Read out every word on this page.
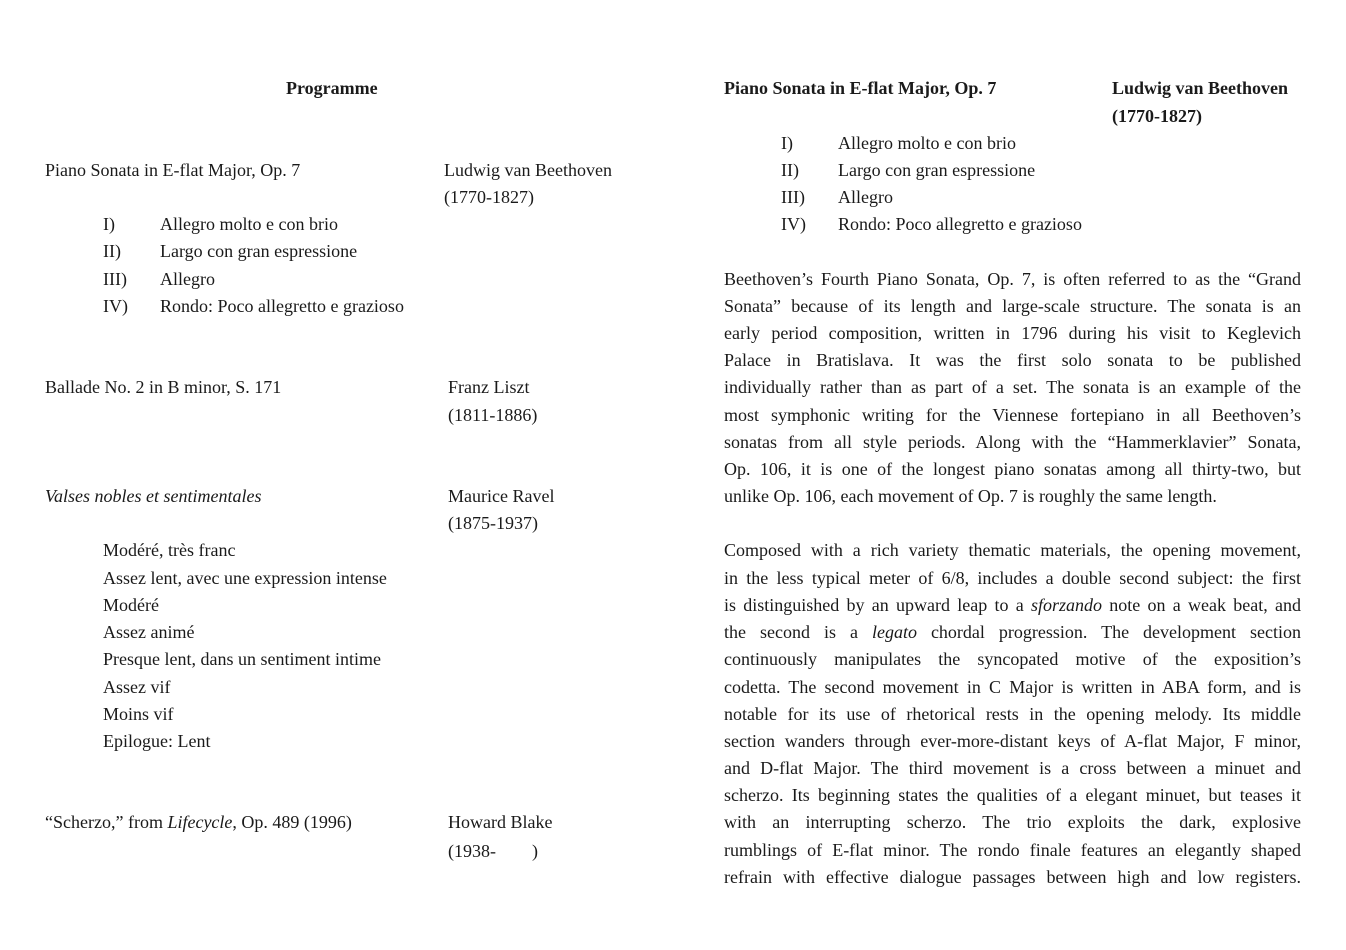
Programme
Piano Sonata in E-flat Major, Op. 7	Ludwig van Beethoven
(1770-1827)
I)	Allegro molto e con brio
II) Largo con gran espressione
III) Allegro
IV) Rondo: Poco allegretto e grazioso
Ballade No. 2 in B minor, S. 171	Franz Liszt
(1811-1886)
Valses nobles et sentimentales	Maurice Ravel
(1875-1937)
Modéré, très franc
Assez lent, avec une expression intense
Modéré
Assez animé
Presque lent, dans un sentiment intime
Assez vif
Moins vif
Epilogue: Lent
“Scherzo,” from Lifecycle, Op. 489 (1996)	Howard Blake
(1938-        )
Piano Sonata in E-flat Major, Op. 7	Ludwig van Beethoven
(1770-1827)
I)	Allegro molto e con brio
II) Largo con gran espressione
III) Allegro
IV) Rondo: Poco allegretto e grazioso
Beethoven’s Fourth Piano Sonata, Op. 7, is often referred to as the “Grand
Sonata” because of its length and large-scale structure. The sonata is an
early period composition, written in 1796 during his visit to Keglevich
Palace in Bratislava. It was the first solo sonata to be published
individually rather than as part of a set. The sonata is an example of the
most symphonic writing for the Viennese fortepiano in all Beethoven’s
sonatas from all style periods. Along with the “Hammerklavier” Sonata,
Op. 106, it is one of the longest piano sonatas among all thirty-two, but
unlike Op. 106, each movement of Op. 7 is roughly the same length.
Composed with a rich variety thematic materials, the opening movement,
in the less typical meter of 6/8, includes a double second subject: the first
is distinguished by an upward leap to a sforzando note on a weak beat, and
the second is a legato chordal progression. The development section
continuously manipulates the syncopated motive of the exposition’s
codetta. The second movement in C Major is written in ABA form, and is
notable for its use of rhetorical rests in the opening melody. Its middle
section wanders through ever-more-distant keys of A-flat Major, F minor,
and D-flat Major. The third movement is a cross between a minuet and
scherzo. Its beginning states the qualities of a elegant minuet, but teases it
with an interrupting scherzo. The trio exploits the dark, explosive
rumblings of E-flat minor. The rondo finale features an elegantly shaped
refrain with effective dialogue passages between high and low registers.
